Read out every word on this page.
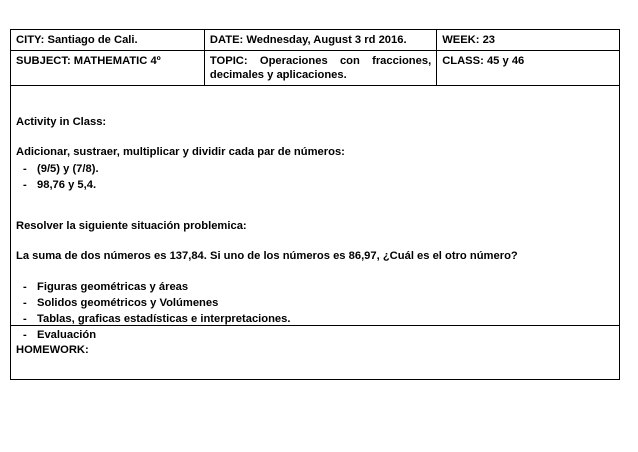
CITY: Santiago de Cali.	DATE: Wednesday, August 3 rd 2016.	WEEK: 23
SUBJECT: MATHEMATIC 4º	TOPIC: Operaciones con fracciones, decimales y aplicaciones.	CLASS: 45 y 46
Activity in Class:
Adicionar, sustraer, multiplicar y dividir cada par de números:
- (9/5) y (7/8).
- 98,76 y 5,4.
Resolver la siguiente situación problemica:
La suma de dos números es 137,84. Si uno de los números es 86,97, ¿Cuál es el otro número?
- Figuras geométricas y áreas
- Solidos geométricos y Volúmenes
- Tablas, graficas estadísticas e interpretaciones.
- Evaluación
HOMEWORK:
